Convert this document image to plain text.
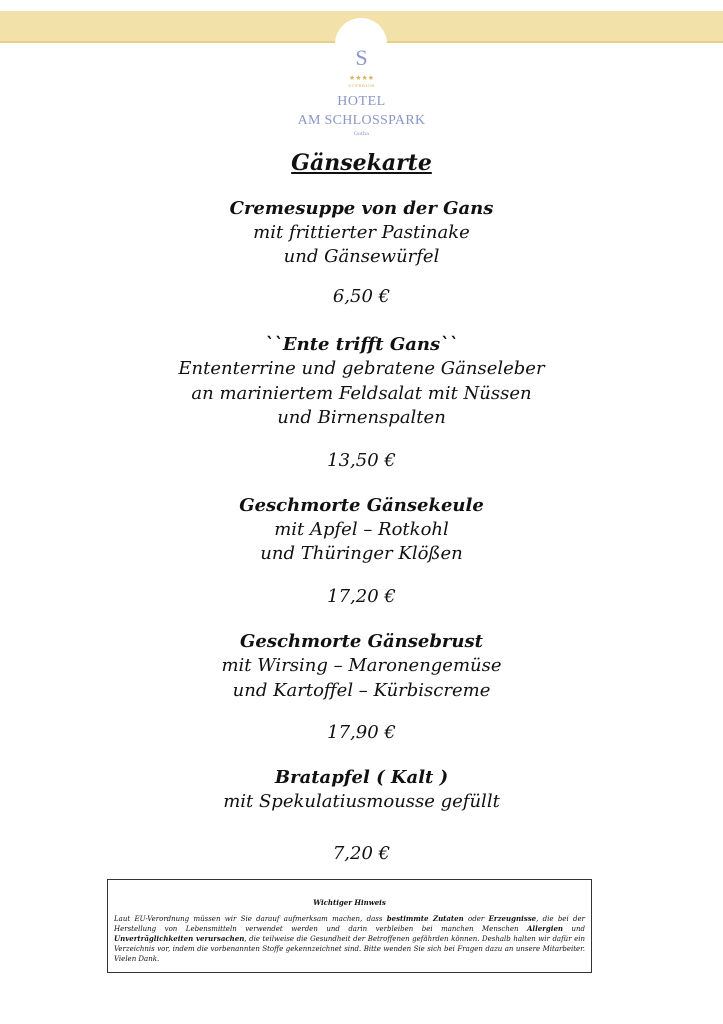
S
★★★★
SUPERIOR
HOTEL
AM SCHLOSSPARK
Gotha
Gänsekarte
Cremesuppe von der Gans
mit frittierter Pastinake
und Gänsewürfel
6,50 €
``Ente trifft Gans``
Ententerrine und gebratene Gänseleber
an mariniertem Feldsalat mit Nüssen
und Birnenspalten
13,50 €
Geschmorte Gänsekeule
mit Apfel – Rotkohl
und Thüringer Klößen
17,20 €
Geschmorte Gänsebrust
mit Wirsing – Maronengemüse
und Kartoffel – Kürbiscreme
17,90 €
Bratapfel ( Kalt )
mit Spekulatiusmousse gefüllt
7,20 €
Wichtiger Hinweis
Laut EU-Verordnung müssen wir Sie darauf aufmerksam machen, dass bestimmte Zutaten oder Erzeugnisse, die bei der Herstellung von Lebensmitteln verwendet werden und darin verbleiben bei manchen Menschen Allergien und Unverträglichkeiten verursachen, die teilweise die Gesundheit der Betroffenen gefährden können. Deshalb halten wir dafür ein Verzeichnis vor, indem die vorbenannten Stoffe gekennzeichnet sind. Bitte wenden Sie sich bei Fragen dazu an unsere Mitarbeiter. Vielen Dank.
